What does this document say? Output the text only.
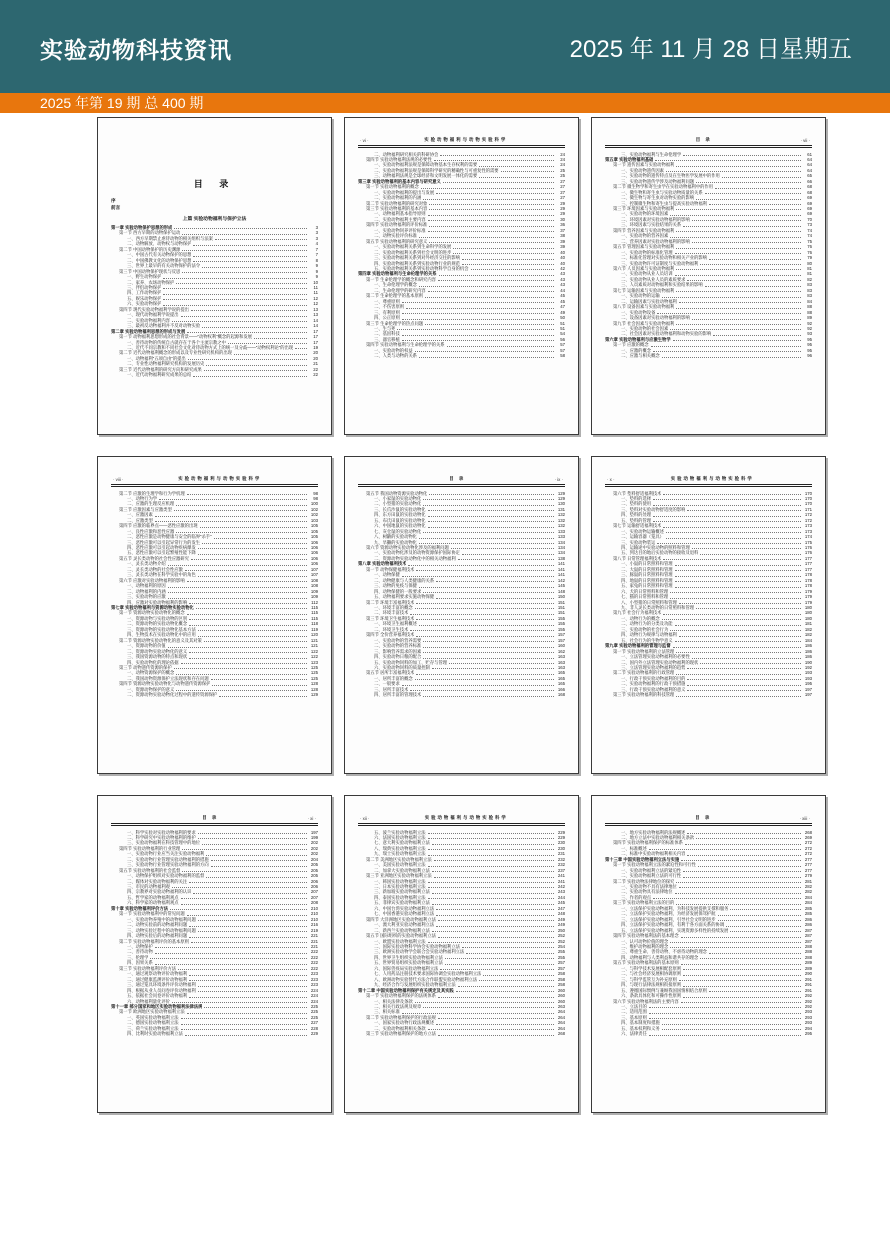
实验动物科技资讯	2025 年 11 月 28 日星期五
2025 年第 19 期 总 400 期
目 录
序
前言
上篇 实验动物福利与保护立法
第一章 实验动物保护思想的形成	3
第一节 西方早期的动物保护运动	3
一、西方早期禁止虐待动物的相关组织与法案	3
二、动物解放、动物权与动物保护	4
第二节 中国动物保护的历史渊源	7
一、中国古代有关动物保护的思想	7
二、中国佛教文化的动物保护思想	8
三、世界上最早的有关动物保护的法令	9
第三节 中国动物保护现状与反思	9
一、野生动物保护	9
二、家养、农场动物保护	10
三、伴侣动物保护	11
四、工作动物保护	11
五、娱乐动物保护	12
六、实验动物保护	12
第四节 现代实验动物福利学说的提出	13
一、现代动物福利学说提出	13
二、实验动物福利内容	14
三、最初反动物福利并不反对动物实验	14
第二章 实验动物福利思想的形成与发展	17
第一节 动物福利思想形成的社会背景——“动物权利”概念的起源和发展	17
一、善待动物的传统自古就存在于各个主流宗教之中	17
二、近代不同宗教和不同社会文化对待动物方式上的统一及分歧——“动物权利论”的出现	19
第二节 近代动物福利概念的形成以及专业性研究机构的出现	20
一、动物福利“五项自由”的提出	20
二、专业性动物福利研究机构的发展历史	21
第三节 近代动物福利的研究方向和研究成果	22
一、近代动物福利研究成果的总结	22
· vi ·	实验动物福利与动物实验科学
二、动物福利研究相关的科研协会	24
第四节 实验动物福利法规的必要性	24
一、实验动物福利法规是保障动物基本生存权利的需要	24
二、实验动物福利法规是保障科学研究的精确性与可重复性的需要	25
三、动物福利法规是全球经济和文明发展一体化的需要	25
第三章 实验动物福利的基本内容与研究意义	27
第一节 实验动物福利的概念	27
一、实验动物福利的提出与发展	27
二、实验动物福利的内涵	27
第二节 实验动物福利的研究对象	29
第三节 实验动物福利的基本内容	29
一、动物福利基本指导原则	29
二、实验动物福利主要内容	30
第四节 实验动物福利的评价标准	36
一、实验动物饲养评价标准	37
二、动物实验评价标准	38
第五节 实验动物福利的研究意义	39
一、实验动物福利关系到生命科学的发展	39
二、实验动物福利关系到社会文明的进步	40
三、实验动物福利关系到对外经济交往的影响	40
四、实验动物福利关系到实验动物行业的规范	40
五、实验动物福利关系到实验动物科学自身的机会	42
第四章 实验动物福利与生命伦理学的关系	43
第一节 生命伦理学的概念和研究内容	43
一、生命伦理学的概念	43
二、生命伦理学的研究内容	44
第二节 生命伦理学的基本原则	45
一、尊重原则	45
二、不伤害原则	47
三、有利原则	49
四、公正原则	50
第三节 生命伦理学的热点问题	51
一、生与死	51
二、基因科技	54
三、器官移植	56
第四节 实验动物福利与生命伦理学的关系	57
一、实验动物的权益	57
二、人类与动物的关系	58
目 录	· vii ·
三、实验动物福利与生命伦理学	61
第五章 实验动物福利基础	64
第一节 遗传因素与实验动物福利	64
一、实验动物遗传因素	64
二、实验动物的遗传特点及在生物医学发展中的作用	65
三、实验动物遗传学涉及动物福利问题	66
第二节 微生物学和寄生虫学在实验动物福利中的作用	68
一、微生物和寄生虫与实验动物质量的关系	68
二、微生物与寄生虫对动物实验的影响	69
三、控制微生物和寄生虫与提高实验动物福利	69
第三节 环境因素与实验动物福利	69
一、实验动物的环境因素	69
二、环境因素对实验动物福利的影响	70
三、环境因素与实验结果的关系	73
第四节 营养因素与实验动物福利	74
一、实验动物的营养因素	74
二、营养因素对实验动物福利的影响	75
第五节 管理因素与实验动物福利	76
一、实验动物的标准化管理	76
二、标准化管理对实验动物和相关产业的影响	79
三、实验动物许可证制度与实验动物福利	80
第六节 人员因素与实验动物福利	81
一、实验动物从业人员培训	81
二、实验动物从业人员的素质要求	82
三、人员素质对动物福利和实验结果的影响	83
第七节 运输因素与实验动物福利	83
一、实验动物的运输	83
二、运输因素与实验动物福利	84
第八节 设备因素与实验动物福利	88
一、实验动物设备	88
二、设备因素对实验动物福利的影响	89
第九节 社会因素与实验动物福利	92
一、实验动物的社会因素	92
二、社会因素对实验动物福利和动物实验的影响	93
第六章 实验动物福利与应激生物学	95
第一节 应激的概念	95
一、应激的概念	95
二、应激与相关概念	96
· viii ·	实验动物福利与动物实验科学
第二节 应激的生理学和行为学机理	98
一、动物行为学	98
二、应激的生理反应机理	100
第三节 应激因素与应激类型	102
一、应激因素	102
二、应激类型	103
第四节 应激的临界点——恶性应激的出现	105
一、良性应激和恶性应激	105
二、恶性应激是动物健康与安全的临界“杀手”	105
三、恶性应激可以引起异常行为的发生	106
四、恶性应激可以引起动物疾病爆发	106
五、恶性应激可以引起繁殖性能下降	106
第五节 灵长类动物的社会性应激研究	106
一、灵长类动物介绍	106
二、灵长类动物的社会性应激	107
三、灵长类动物在科学实验中的角色	107
第六节 应激对实验动物福利的影响	108
一、动物福利的原因	108
二、动物福利的内涵	109
三、实验动物的应激	109
四、应激对实验动物福利的影响	112
第七章 实验动物福利与资源动物实验动物化	115
第一节 资源动物实验动物化的概念	115
一、资源动物与实验动物的区别	115
二、资源动物的实验动物化概念	118
三、资源动物的实验动物化基本方法	119
四、生物技术在实验动物化中的应用	120
第二节 资源动物实验动物化的意义及其对策	121
一、资源动物的价值	121
二、资源动物实验动物化的意义	122
三、我国资源动物的特点和现状	122
四、实验动物化的理论依据	123
第三节 动物遗传资源的保护	125
一、动物资源保护的概念	125
二、我国动物资源保护立法现状和存在问题	125
第四节 资源动物实验动物化与动物遗传资源保护	128
一、资源动物保护的意义	128
二、资源动物实验动物化过程中的遗传资源保护	129
目 录	· ix ·
第五节 我国动物资源实验动物化	129
一、小家鼠的实验动物化	129
二、小型猪的实验动物化	130
三、长爪沙鼠的实验动物化	131
四、东方田鼠的实验动物化	132
五、布氏田鼠的实验动物化	132
六、中国地鼠的实验动物化	132
七、灰仓鼠的实验动物化	133
八、树鼩的实验动物化	133
九、旱獭的实验动物化	134
第六节 资源动物实验动物化涉及的福利问题	134
一、实验动物化涉及的动物资源保护国际协定	134
二、资源动物实验动物化中的相关动物福利	138
第八章 实验动物福利技术	141
第一节 动物保健福利技术	141
一、动物保健	141
二、动物健康与人类健康的关系	142
三、动物的免疫与保健	145
四、动物保健的一般要求	148
五、动物福利要求实施动物保健	150
第二节 环境丰富福利技术	151
一、环境丰富的概念	151
二、环境丰富技术	151
第三节 环境卫生福利技术	155
一、环境卫生福利概述	155
二、环境卫生技术	155
第四节 全价营养福利技术	157
一、实验动物的营养需要	157
二、实验动物的营养标准	160
三、影响营养需求的因素	162
四、实验动物日粮的配合	163
五、实验动物饲料的加工、贮存与管理	163
六、实验动物饲料的质量控制	163
第五节 居所丰富福利技术	165
一、居所丰富的概念	165
二、一般要求	165
三、居所丰富技术	166
四、居所丰富的管理技术	168
· x ·	实验动物福利与动物实验科学
第六节 垫料舒适福利技术	170
一、垫料的选择	170
二、垫料的使用	170
三、垫料对实验动物舒适度的影响	171
四、垫料的处理	172
五、垫料的管理	172
第七节 运输舒适福利技术	173
一、实验动物运输概述	173
二、运输容器（笼具）	174
三、实验动物装运	175
四、运输途中实验动物的照料和管理	176
五、到达目的地后实验动物的接收及退料	176
第八节 日常管理福利技术	177
一、小鼠的日常照料和管理	177
二、大鼠的日常照料和管理	177
三、豚鼠的日常照料和管理	178
四、地鼠的日常照料和管理	178
五、家兔的日常照料和管理	178
六、犬的日常照料和管理	179
七、猫的日常照料和管理	179
八、小型猪的日常照料和管理	179
九、非人灵长类动物的日常照料和管理	180
第九节 社会行为福利技术	180
一、动物行为的概念	180
二、动物行为的分类及功能	181
三、实验动物的社会行为	182
四、动物行为规律与动物福利	182
五、社会行为的生物学意义	184
第九章 实验动物福利的管理与监督	186
第一节 实验动物福利的立法管理	186
一、立法管理实验动物福利的必要性	186
二、国内外立法管理实验动物福利的现状	190
三、立法管理实验动物福利的趋势	192
第二节 实验动物福利的行政管理	193
一、行政干预实验动物福利的目的	193
二、实验动物福利的行政干预措施	195
三、行政干预实验动物福利的意义	197
第三节 实验动物福利的科技管理	197
目 录	· xi ·
一、科学实验对实验动物福利的要求	197
二、科学研究中实验动物福利的维护	199
三、实验动物福利在科技管理中的地位	202
第四节 实验动物福利的行业管理	202
一、实验动物行业应当关注实验动物福利	202
二、实验动物行业管理实验动物福利的措施	204
三、实验动物行业管理实验动物福利的方向	205
第五节 实验动物福利的社会监督	205
一、动物保护组织对实验动物福利的监督	205
二、媒体对实验动物福利的关注	206
三、市民的动物福利观	206
四、宗教界对实验动物福利的认识	207
五、哲学家的动物福利观点	207
六、科学家的动物福利观点	208
第十章 实验动物福利评价方法	210
第一节 实验动物福利中的常见问题	210
一、实验动物养殖中的动物福利问题	210
二、动物实验前的动物福利问题	216
三、动物实验过程中的动物福利问题	219
四、动物实验后的动物福利问题	221
第二节 实验动物福利评价的基本原则	221
一、动物保护	221
二、善待动物	222
三、伦理学	222
四、因果关系	222
第三节 实验动物福利评价方法	222
一、通过观察动物评价动物福利	223
二、通过健康监测评价动物福利	223
三、通过笼具环境条件评价动物福利	223
四、根据从业人员问卷评价动物福利	224
五、依据社会问卷评价动物福利	224
六、动物福利量化评价	224
第十一章 部分国家和地区实验动物福利法律法规	225
第一节 欧洲地区实验动物福利立法	225
一、英国实验动物福利立法	225
二、德国实验动物福利立法	227
三、荷兰实验动物福利立法	228
四、比利时实验动物福利立法	229
· xii ·	实验动物福利与动物实验科学
五、波兰实验动物福利立法	229
六、法国实验动物福利立法	229
七、意大利实验动物福利立法	230
八、瑞典实验动物福利立法	230
九、瑞士实验动物福利立法	231
第二节 美洲地区实验动物福利立法	232
一、美国实验动物福利立法	232
二、加拿大实验动物福利立法	237
第三节 亚洲地区实验动物福利立法	241
一、韩国实验动物福利立法	241
二、日本实验动物福利立法	242
三、新加坡实验动物福利立法	243
四、泰国实验动物福利立法	244
五、菲律宾实验动物福利立法	245
六、中国台湾实验动物福利立法	247
七、中国香港实验动物福利立法	248
第四节 大洋洲地区实验动物福利立法	249
一、澳大利亚实验动物福利立法	249
二、新西兰实验动物福利立法	250
第五节 国际组织的实验动物福利立法	252
一、欧盟实验动物福利立法	252
二、国际实验动物科学协会实验动物福利立法	254
三、欧洲实验动物学会联合会实验动物福利立法	255
四、世界卫生组织实验动物福利立法	255
五、世界贸易组织实验动物福利立法	257
六、国际兽疫局实验动物福利立法	257
七、人用药品注册技术要求国际协调会实验动物福利立法	258
八、欧洲动物实验替代方法合作联盟实验动物福利立法	258
九、经济合作与发展组织实验动物福利立法	258
第十二章 中国实验动物福利保护有关规定及其实践	260
第一节 实验动物福利保护的法规体系	260
一、相关法律及条款	260
二、相关行政法规及规章	263
三、相关标准	264
第二节 实验动物福利保护的行政法规	264
一、国家实验动物行政法规概述	264
二、实验动物福利相关条款	264
第三节 实验动物福利保护的地方立法	268
目 录	· xiii ·
一、地方实验动物福利的法规概述	268
二、地方立法中实验动物福利相关条款	269
第四节 实验动物福利保护的标准体系	272
一、标准概述	272
二、标准中实验动物福利相关内容	272
第十三章 中国实验动物福利立法与实施	277
第一节 实验动物福利立法的紧迫性和可行性	277
一、实验动物福利立法的紧迫性	277
二、实验动物福利立法的可行性	279
第二节 实验动物法律地位的探究	281
一、实验动物不具有法律地位	282
二、实验动物具有法律地位	282
三、作者的观点	284
第三节 实验动物福利立法的目的	284
一、立法保护实验动物福利，为科技发展提供支撑和服务	285
二、立法保护实验动物福利，为经济发展保驾护航	285
三、立法保护实验动物福利，引导社会文明的进步	286
四、立法保护实验动物福利，有利于各方面关系的协调	286
五、立法保护实验动物福利，实现资源多样性的持续发展	287
第四节 实验动物福利法的基本理念	287
一、认可动物价值的理念	287
二、维护动物福利的理念	288
三、尊重生命、善待动物、不虐待动物的理念	288
四、动物福利与人类利益和谐共存的理念	288
第五节 实验动物福利法的基本原则	289
一、与科学技术发展相配套原则	289
二、与社会经济发展相协调原则	290
三、与科学监管互为补充原则	291
四、与现行法律法规相衔接原则	291
五、遵循国际惯例与兼顾我国国情相结合原则	291
六、条款具体化和可操作性原则	292
第六节 实验动物福利法的主要内容	292
一、立法目的	292
二、适用范围	293
三、基本原则	293
四、基本制度和措施	293
五、基本权利和义务	294
六、法律责任	295
